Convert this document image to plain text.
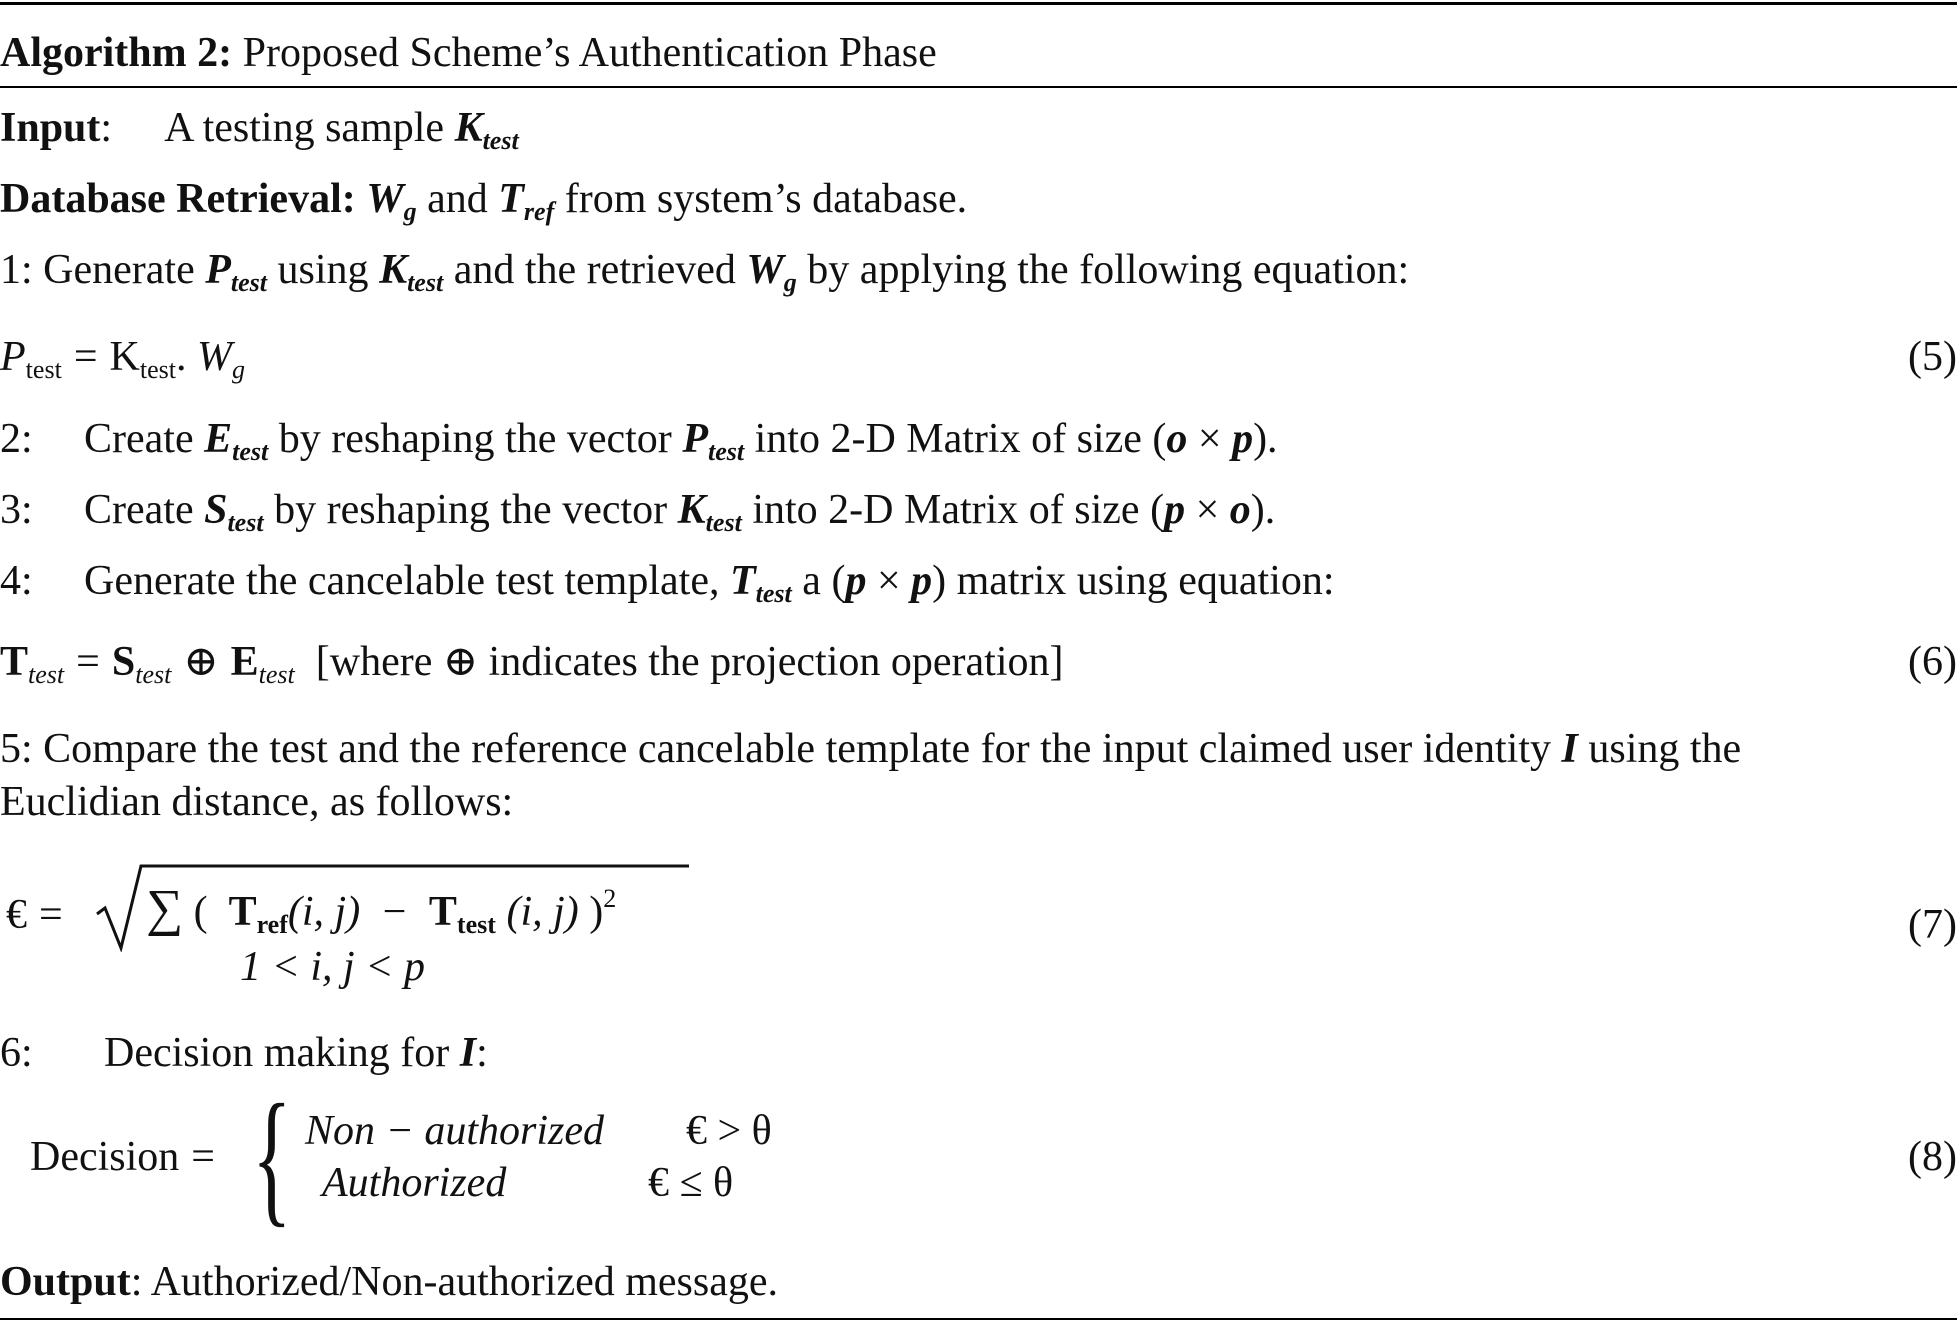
Algorithm 2: Proposed Scheme’s Authentication Phase
Input: A testing sample $K_{test}$
Database Retrieval: $W_g$ and $T_{ref}$ from system’s database.
1: Generate $P_{test}$ using $K_{test}$ and the retrieved $W_g$ by applying the following equation:
$P_{test} = K_{test}$. $W_g$	(5)
2: Create $E_{test}$ by reshaping the vector $P_{test}$ into 2-D Matrix of size (o × p).
3: Create $S_{test}$ by reshaping the vector $K_{test}$ into 2-D Matrix of size (p × o).
4: Generate the cancelable test template, $T_{test}$ a (p × p) matrix using equation:
$T_{test} = S_{test}$ ⊕ $E_{test}$ [where ⊕ indicates the projection operation]	(6)
5: Compare the test and the reference cancelable template for the input claimed user identity I using the
Euclidian distance, as follows:
€ = ∑ ( $T_{ref}(i$, $j) - T_{test}$ (i, j) )$^2$
1 < i, j < p
(7)
6: Decision making for I:
Decision = { Non − authorized € > θ
Authorized	€ ≤ θ
(8)
Output: Authorized/Non-authorized message.
